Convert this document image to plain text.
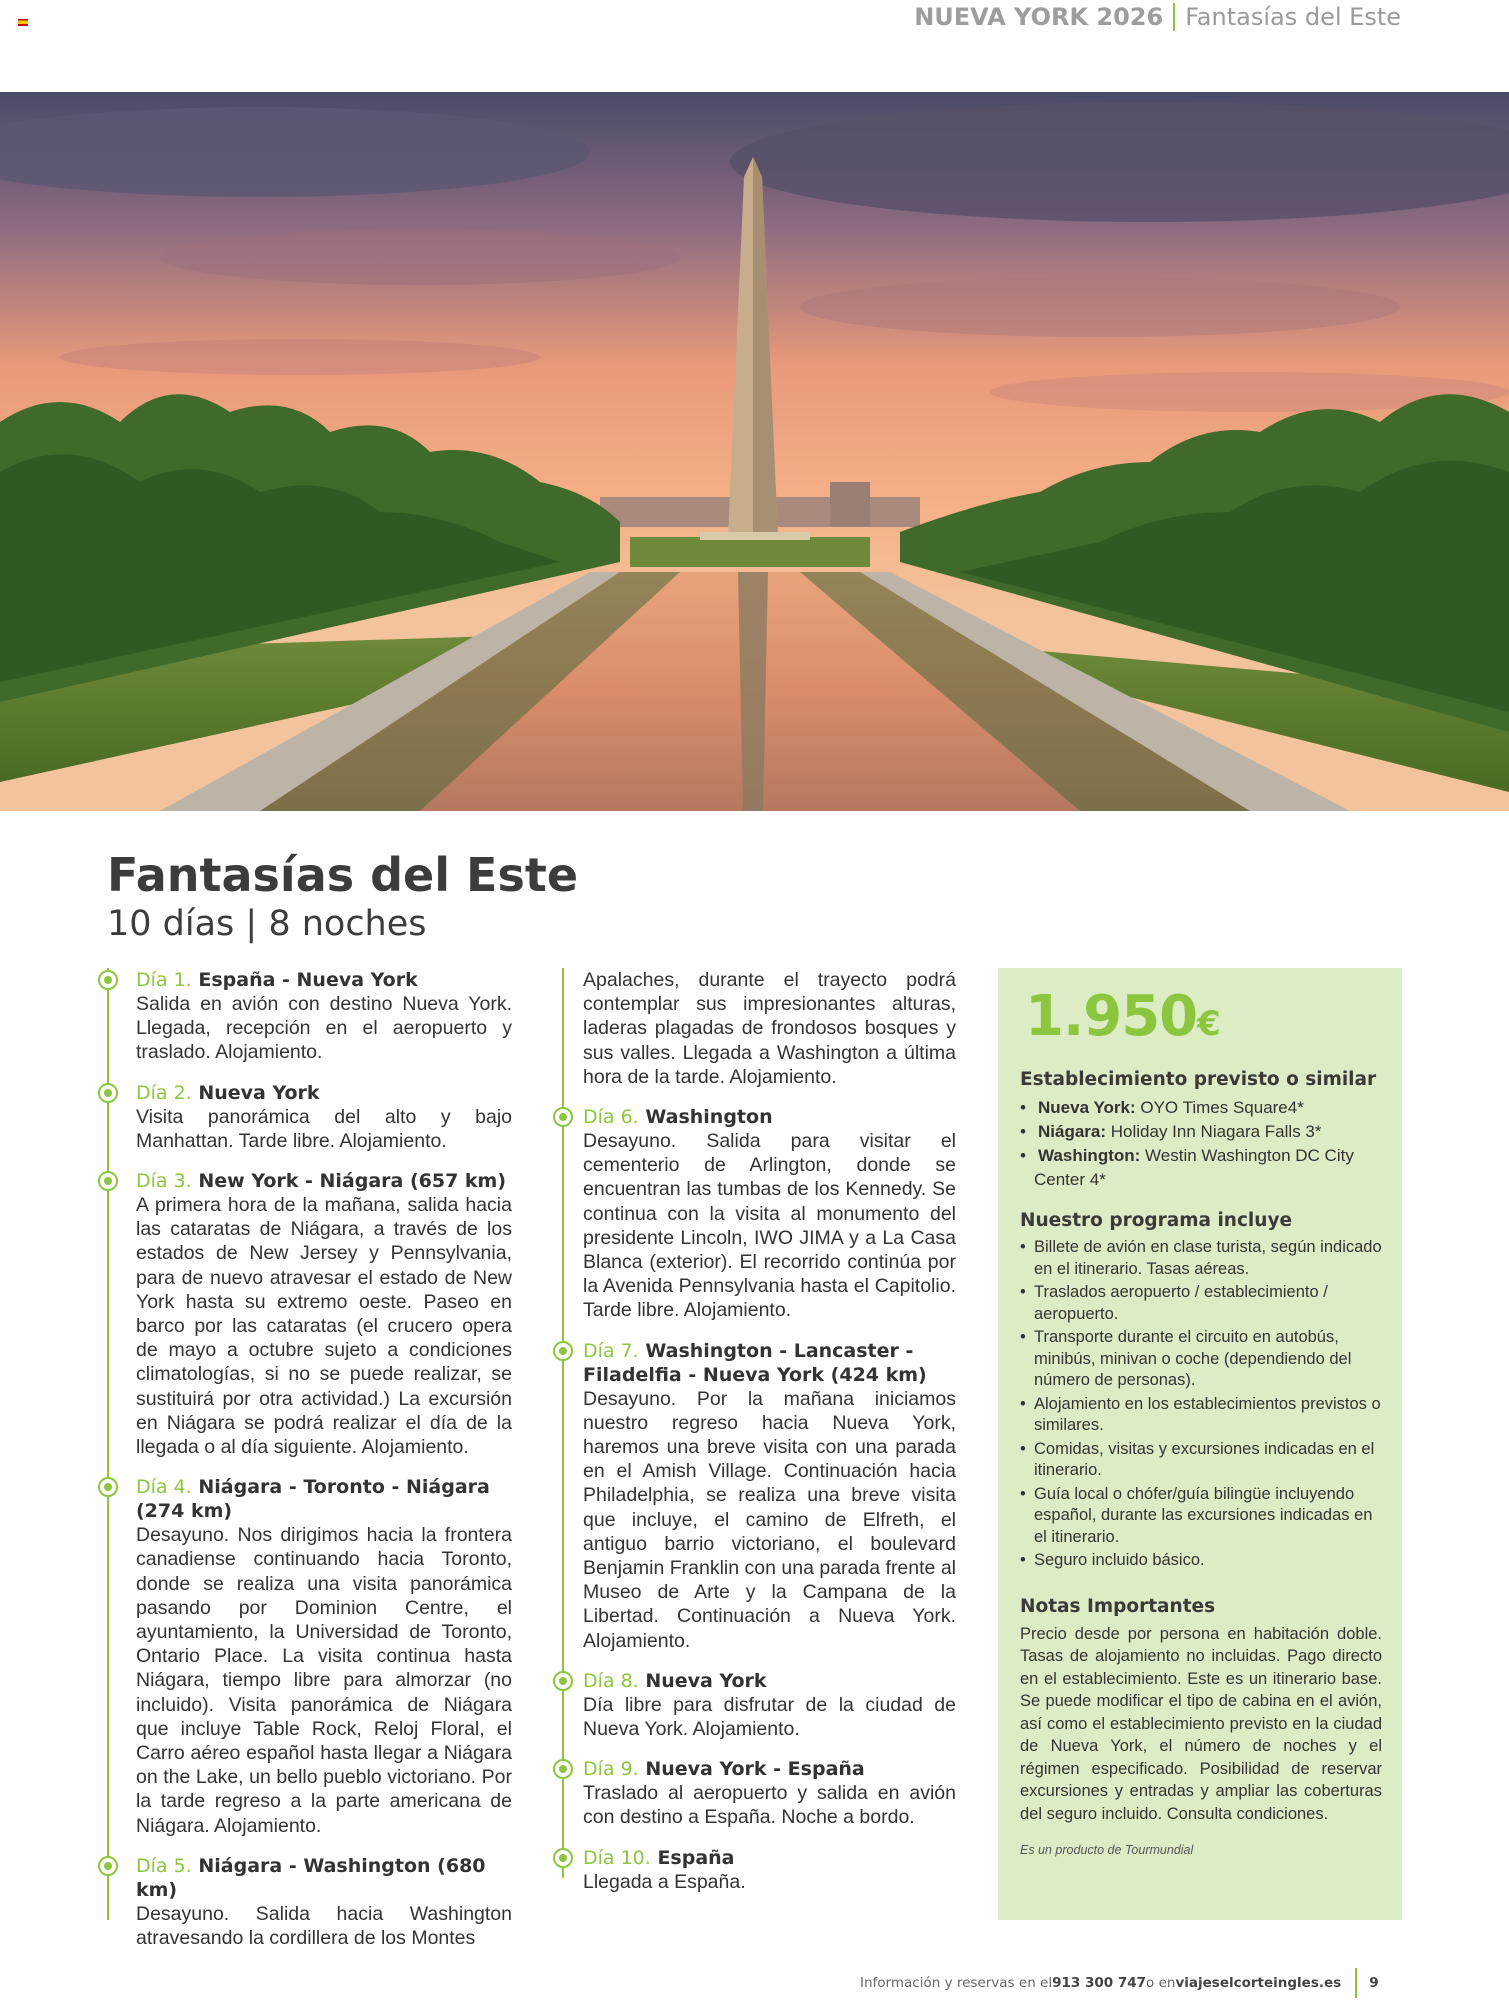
NUEVA YORK 2026 Fantasías del Este
Fantasías del Este
10 días | 8 noches
Día 1. España - Nueva York
Salida en avión con destino Nueva York. Llegada, recepción en el aeropuerto y traslado. Alojamiento.
Día 2. Nueva York
Visita panorámica del alto y bajo Manhattan. Tarde libre. Alojamiento.
Día 3. New York - Niágara (657 km)
A primera hora de la mañana, salida hacia las cataratas de Niágara, a través de los estados de New Jersey y Pennsylvania, para de nuevo atravesar el estado de New York hasta su extremo oeste. Paseo en barco por las cataratas (el crucero opera de mayo a octubre sujeto a condiciones climatologías, si no se puede realizar, se sustituirá por otra actividad.) La excursión en Niágara se podrá realizar el día de la llegada o al día siguiente. Alojamiento.
Día 4. Niágara - Toronto - Niágara (274 km)
Desayuno. Nos dirigimos hacia la frontera canadiense continuando hacia Toronto, donde se realiza una visita panorámica pasando por Dominion Centre, el ayuntamiento, la Universidad de Toronto, Ontario Place. La visita continua hasta Niágara, tiempo libre para almorzar (no incluido). Visita panorámica de Niágara que incluye Table Rock, Reloj Floral, el Carro aéreo español hasta llegar a Niágara on the Lake, un bello pueblo victoriano. Por la tarde regreso a la parte americana de Niágara. Alojamiento.
Día 5. Niágara - Washington (680 km)
Desayuno. Salida hacia Washington atravesando la cordillera de los Montes
Apalaches, durante el trayecto podrá contemplar sus impresionantes alturas, laderas plagadas de frondosos bosques y sus valles. Llegada a Washington a última hora de la tarde. Alojamiento.
Día 6. Washington
Desayuno. Salida para visitar el cementerio de Arlington, donde se encuentran las tumbas de los Kennedy. Se continua con la visita al monumento del presidente Lincoln, IWO JIMA y a La Casa Blanca (exterior). El recorrido continúa por la Avenida Pennsylvania hasta el Capitolio. Tarde libre. Alojamiento.
Día 7. Washington - Lancaster - Filadelfia - Nueva York (424 km)
Desayuno. Por la mañana iniciamos nuestro regreso hacia Nueva York, haremos una breve visita con una parada en el Amish Village. Continuación hacia Philadelphia, se realiza una breve visita que incluye, el camino de Elfreth, el antiguo barrio victoriano, el boulevard Benjamin Franklin con una parada frente al Museo de Arte y la Campana de la Libertad. Continuación a Nueva York. Alojamiento.
Día 8. Nueva York
Día libre para disfrutar de la ciudad de Nueva York. Alojamiento.
Día 9. Nueva York - España
Traslado al aeropuerto y salida en avión con destino a España. Noche a bordo.
Día 10. España
Llegada a España.
1.950€
Establecimiento previsto o similar
• Nueva York: OYO Times Square4*
• Niágara: Holiday Inn Niagara Falls 3*
• Washington: Westin Washington DC City Center 4*
Nuestro programa incluye
• Billete de avión en clase turista, según indicado en el itinerario. Tasas aéreas.
• Traslados aeropuerto / establecimiento / aeropuerto.
• Transporte durante el circuito en autobús, minibús, minivan o coche (dependiendo del número de personas).
• Alojamiento en los establecimientos previstos o similares.
• Comidas, visitas y excursiones indicadas en el itinerario.
• Guía local o chófer/guía bilingüe incluyendo español, durante las excursiones indicadas en el itinerario.
• Seguro incluido básico.
Notas Importantes
Precio desde por persona en habitación doble. Tasas de alojamiento no incluidas. Pago directo en el establecimiento. Este es un itinerario base. Se puede modificar el tipo de cabina en el avión, así como el establecimiento previsto en la ciudad de Nueva York, el número de noches y el régimen especificado. Posibilidad de reservar excursiones y entradas y ampliar las coberturas del seguro incluido. Consulta condiciones.
Es un producto de Tourmundial
Información y reservas en el 913 300 747 o en viajeselcorteingles.es 9
